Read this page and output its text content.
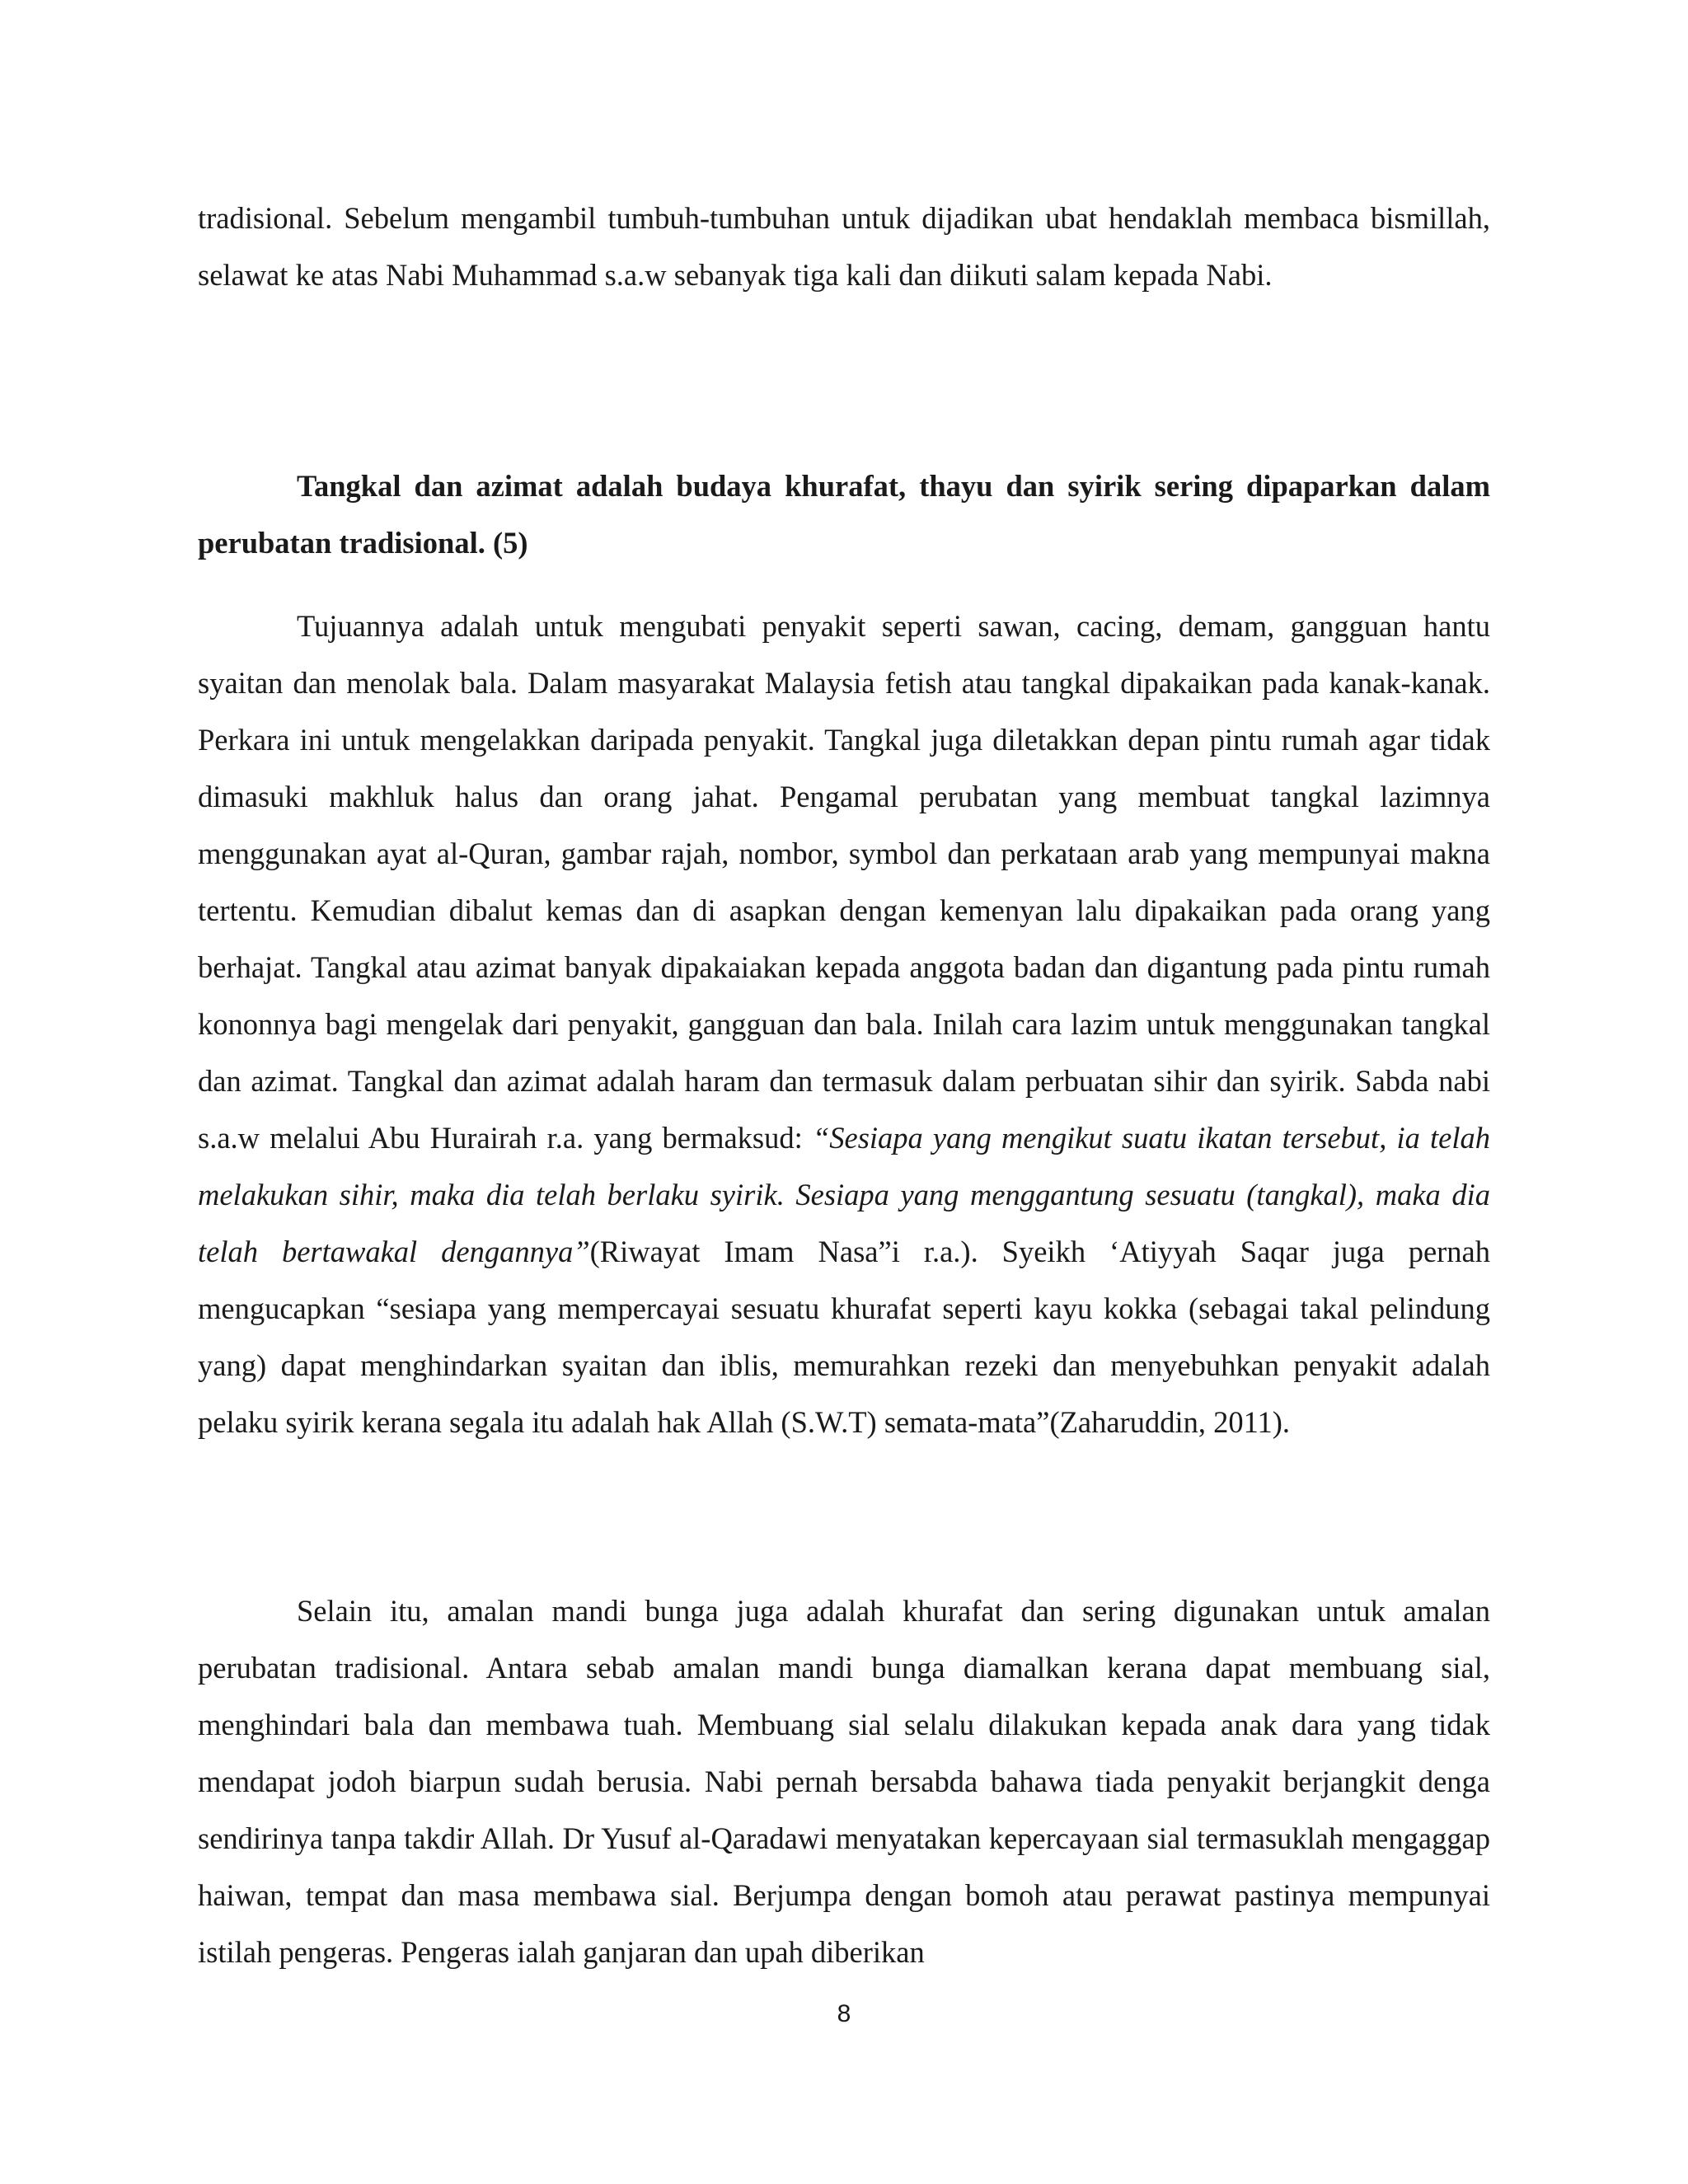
tradisional. Sebelum mengambil tumbuh-tumbuhan untuk dijadikan ubat hendaklah membaca bismillah, selawat ke atas Nabi Muhammad s.a.w sebanyak tiga kali dan diikuti salam kepada Nabi.

Tangkal dan azimat adalah budaya khurafat, thayu dan syirik sering dipaparkan dalam perubatan tradisional. (5)

Tujuannya adalah untuk mengubati penyakit seperti sawan, cacing, demam, gangguan hantu syaitan dan menolak bala. Dalam masyarakat Malaysia fetish atau tangkal dipakaikan pada kanak-kanak. Perkara ini untuk mengelakkan daripada penyakit. Tangkal juga diletakkan depan pintu rumah agar tidak dimasuki makhluk halus dan orang jahat. Pengamal perubatan yang membuat tangkal lazimnya menggunakan ayat al-Quran, gambar rajah, nombor, symbol dan perkataan arab yang mempunyai makna tertentu. Kemudian dibalut kemas dan di asapkan dengan kemenyan lalu dipakaikan pada orang yang berhajat. Tangkal atau azimat banyak dipakaiakan kepada anggota badan dan digantung pada pintu rumah kononnya bagi mengelak dari penyakit, gangguan dan bala. Inilah cara lazim untuk menggunakan tangkal dan azimat. Tangkal dan azimat adalah haram dan termasuk dalam perbuatan sihir dan syirik. Sabda nabi s.a.w melalui Abu Hurairah r.a. yang bermaksud: “Sesiapa yang mengikut suatu ikatan tersebut, ia telah melakukan sihir, maka dia telah berlaku syirik. Sesiapa yang menggantung sesuatu (tangkal), maka dia telah bertawakal dengannya”(Riwayat Imam Nasa”i r.a.). Syeikh ‘Atiyyah Saqar juga pernah mengucapkan “sesiapa yang mempercayai sesuatu khurafat seperti kayu kokka (sebagai takal pelindung yang) dapat menghindarkan syaitan dan iblis, memurahkan rezeki dan menyebuhkan penyakit adalah pelaku syirik kerana segala itu adalah hak Allah (S.W.T) semata-mata”(Zaharuddin, 2011).

Selain itu, amalan mandi bunga juga adalah khurafat dan sering digunakan untuk amalan perubatan tradisional. Antara sebab amalan mandi bunga diamalkan kerana dapat membuang sial, menghindari bala dan membawa tuah. Membuang sial selalu dilakukan kepada anak dara yang tidak mendapat jodoh biarpun sudah berusia. Nabi pernah bersabda bahawa tiada penyakit berjangkit denga sendirinya tanpa takdir Allah. Dr Yusuf al-Qaradawi menyatakan kepercayaan sial termasuklah mengaggap haiwan, tempat dan masa membawa sial. Berjumpa dengan bomoh atau perawat pastinya mempunyai istilah pengeras. Pengeras ialah ganjaran dan upah diberikan

8
